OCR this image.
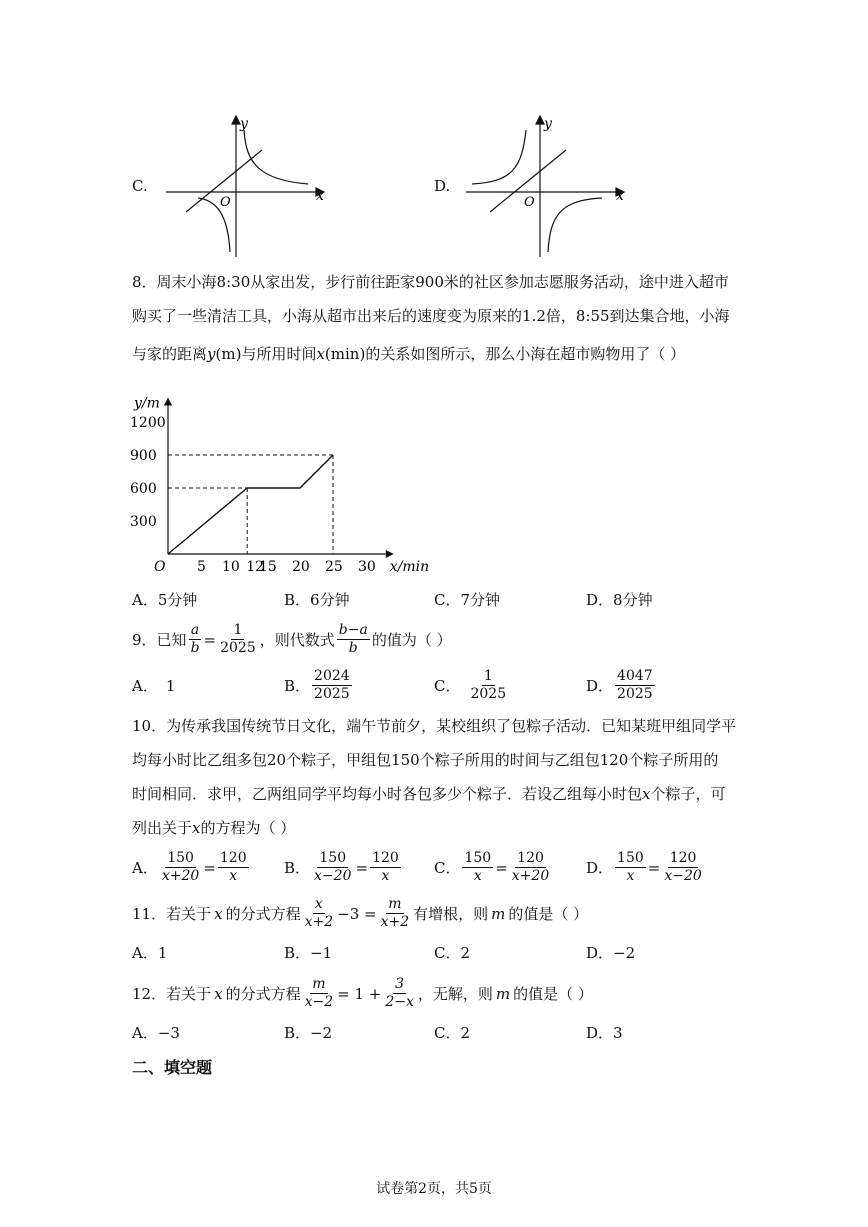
C.
x
y
O
D.
x
y
O
8．周末小海8:30从家出发，步行前往距家900米的社区参加志愿服务活动，途中进入超市
购买了一些清洁工具，小海从超市出来后的速度变为原来的1.2倍，8:55到达集合地，小海
与家的距离y(m)与所用时间x(min)的关系如图所示，那么小海在超市购物用了（ ）
y/m
x/min
O
300
600
900
1200
5 10 12
15 20 25 30
A．5分钟	B．6分钟	C．7分钟	D．8分钟
9． 已知 $\frac{a}{b} = \frac{1}{2025}$ ，则代数式 $\frac{b-a}{b}$ 的值为（ ）
A． 1	B． $\frac{2024}{2025}$	C． $\frac{1}{2025}$	D． $\frac{4047}{2025}$
10．为传承我国传统节日文化，端午节前夕，某校组织了包粽子活动．已知某班甲组同学平
均每小时比乙组多包20个粽子，甲组包150个粽子所用的时间与乙组包120个粽子所用的
时间相同．求甲，乙两组同学平均每小时各包多少个粽子．若设乙组每小时包x个粽子，可
列出关于x的方程为（ ）
A． $\frac{150}{x+20} = \frac{120}{x}$ B． $\frac{150}{x-20} = \frac{120}{x}$ C． $\frac{150}{x} = \frac{120}{x+20}$ D． $\frac{150}{x} = \frac{120}{x-20}$
11． 若关于 x 的分式方程 $\frac{x}{x+2} -3 = \frac{m}{x+2}$ 有增根，则 m 的值是（ ）
A．1	B．−1	C．2	D．−2
12． 若关于 x 的分式方程 $\frac{m}{x-2} = 1 + \frac{3}{2-x}$ ，无解，则 m 的值是（ ）
A．−3	B．−2	C．2	D．3
二、填空题
试卷第2页，共5页
